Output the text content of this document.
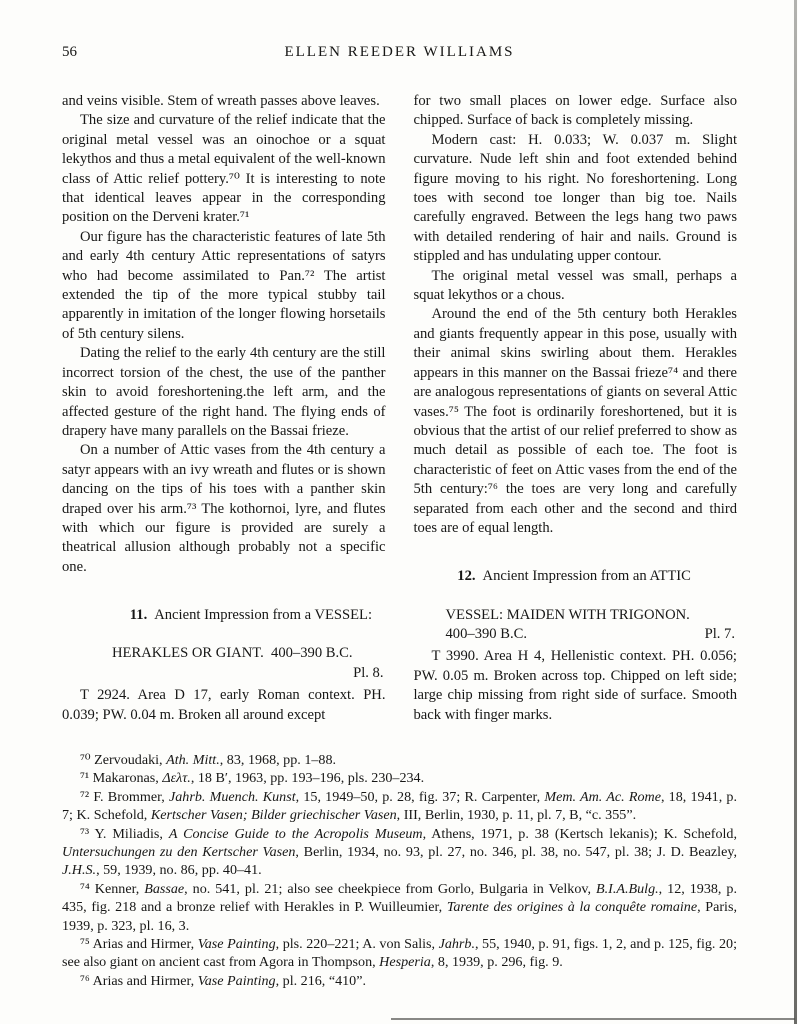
56	ELLEN REEDER WILLIAMS

and veins visible. Stem of wreath passes above leaves.

The size and curvature of the relief indicate that the original metal vessel was an oinochoe or a squat lekythos and thus a metal equivalent of the well-known class of Attic relief pottery.⁷⁰ It is interesting to note that identical leaves appear in the corresponding position on the Derveni krater.⁷¹

Our figure has the characteristic features of late 5th and early 4th century Attic representations of satyrs who had become assimilated to Pan.⁷² The artist extended the tip of the more typical stubby tail apparently in imitation of the longer flowing horsetails of 5th century silens.

Dating the relief to the early 4th century are the still incorrect torsion of the chest, the use of the panther skin to avoid foreshortening.the left arm, and the affected gesture of the right hand. The flying ends of drapery have many parallels on the Bassai frieze.

On a number of Attic vases from the 4th century a satyr appears with an ivy wreath and flutes or is shown dancing on the tips of his toes with a panther skin draped over his arm.⁷³ The kothornoi, lyre, and flutes with which our figure is provided are surely a theatrical allusion although probably not a specific one.

11. Ancient Impression from a VESSEL:

HERAKLES OR GIANT.  400–390 B.C.
Pl. 8.

T 2924. Area D 17, early Roman context. PH. 0.039; PW. 0.04 m. Broken all around except

for two small places on lower edge. Surface also chipped. Surface of back is completely missing.

Modern cast: H. 0.033; W. 0.037 m. Slight curvature. Nude left shin and foot extended behind figure moving to his right. No foreshortening. Long toes with second toe longer than big toe. Nails carefully engraved. Between the legs hang two paws with detailed rendering of hair and nails. Ground is stippled and has undulating upper contour.

The original metal vessel was small, perhaps a squat lekythos or a chous.

Around the end of the 5th century both Herakles and giants frequently appear in this pose, usually with their animal skins swirling about them. Herakles appears in this manner on the Bassai frieze⁷⁴ and there are analogous representations of giants on several Attic vases.⁷⁵ The foot is ordinarily foreshortened, but it is obvious that the artist of our relief preferred to show as much detail as possible of each toe. The foot is characteristic of feet on Attic vases from the end of the 5th century:⁷⁶ the toes are very long and carefully separated from each other and the second and third toes are of equal length.

12. Ancient Impression from an ATTIC

VESSEL: MAIDEN WITH TRIGONON.
400–390 B.C.	Pl. 7.

T 3990. Area H 4, Hellenistic context. PH. 0.056; PW. 0.05 m. Broken across top. Chipped on left side; large chip missing from right side of surface. Smooth back with finger marks.

⁷⁰ Zervoudaki, Ath. Mitt., 83, 1968, pp. 1–88.

⁷¹ Makaronas, Δελτ., 18 B′, 1963, pp. 193–196, pls. 230–234.

⁷² F. Brommer, Jahrb. Muench. Kunst, 15, 1949–50, p. 28, fig. 37; R. Carpenter, Mem. Am. Ac. Rome, 18, 1941, p. 7; K. Schefold, Kertscher Vasen; Bilder griechischer Vasen, III, Berlin, 1930, p. 11, pl. 7, B, “c. 355”.

⁷³ Y. Miliadis, A Concise Guide to the Acropolis Museum, Athens, 1971, p. 38 (Kertsch lekanis); K. Schefold, Untersuchungen zu den Kertscher Vasen, Berlin, 1934, no. 93, pl. 27, no. 346, pl. 38, no. 547, pl. 38; J. D. Beazley, J.H.S., 59, 1939, no. 86, pp. 40–41.

⁷⁴ Kenner, Bassae, no. 541, pl. 21; also see cheekpiece from Gorlo, Bulgaria in Velkov, B.I.A.Bulg., 12, 1938, p. 435, fig. 218 and a bronze relief with Herakles in P. Wuilleumier, Tarente des origines à la conquête romaine, Paris, 1939, p. 323, pl. 16, 3.

⁷⁵ Arias and Hirmer, Vase Painting, pls. 220–221; A. von Salis, Jahrb., 55, 1940, p. 91, figs. 1, 2, and p. 125, fig. 20; see also giant on ancient cast from Agora in Thompson, Hesperia, 8, 1939, p. 296, fig. 9.

⁷⁶ Arias and Hirmer, Vase Painting, pl. 216, “410”.
